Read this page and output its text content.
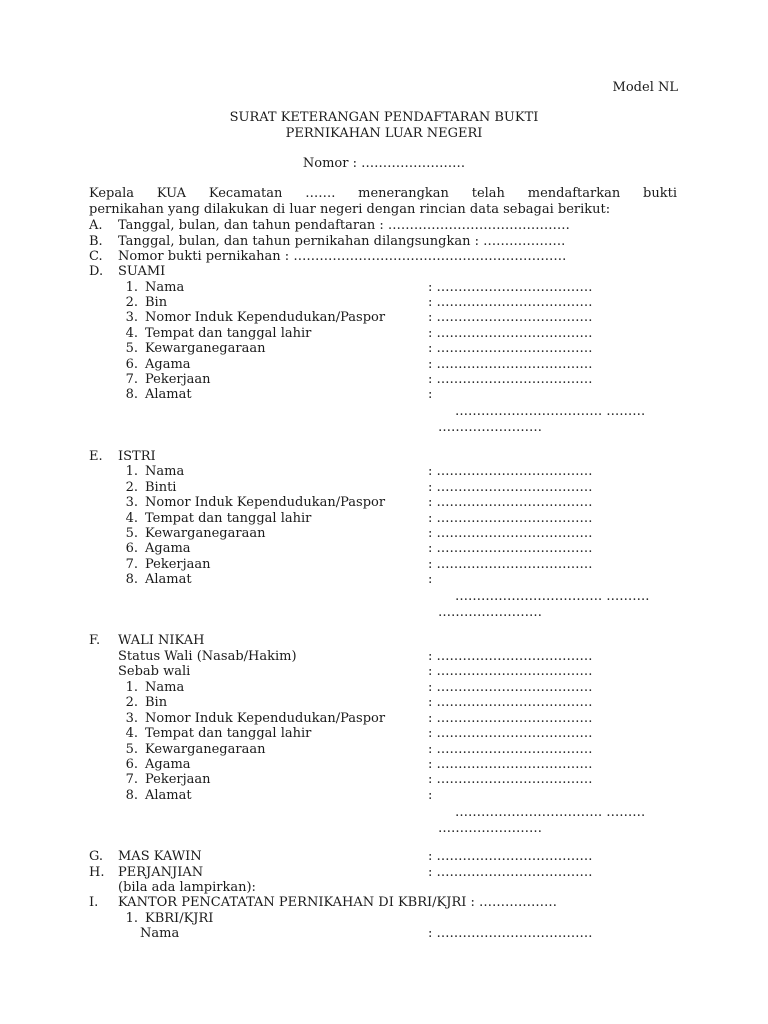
Model NL
SURAT KETERANGAN PENDAFTARAN BUKTI
PERNIKAHAN LUAR NEGERI
Nomor : ……………………
Kepala KUA Kecamatan ……. menerangkan telah mendaftarkan bukti
pernikahan yang dilakukan di luar negeri dengan rincian data sebagai berikut:
A. Tanggal, bulan, dan tahun pendaftaran : ……………………………………
B. Tanggal, bulan, dan tahun pernikahan dilangsungkan : ……………….
C. Nomor bukti pernikahan : ………………………………………………………
D. SUAMI
1. Nama	: ………………………………
2. Bin	: ………………………………
3. Nomor Induk Kependudukan/Paspor	: ………………………………
4. Tempat dan tanggal lahir	: ………………………………
5. Kewarganegaraan	: ………………………………
6. Agama	: ………………………………
7. Pekerjaan	: ………………………………
8. Alamat	:
……………………………. ………
……………………
E. ISTRI
1. Nama	: ………………………………
2. Binti	: ………………………………
3. Nomor Induk Kependudukan/Paspor	: ………………………………
4. Tempat dan tanggal lahir	: ………………………………
5. Kewarganegaraan	: ………………………………
6. Agama	: ………………………………
7. Pekerjaan	: ………………………………
8. Alamat	:
……………………………. ……….
……………………
F. WALI NIKAH
Status Wali (Nasab/Hakim)	: ………………………………
Sebab wali	: ………………………………
1. Nama	: ………………………………
2. Bin	: ………………………………
3. Nomor Induk Kependudukan/Paspor	: ………………………………
4. Tempat dan tanggal lahir	: ………………………………
5. Kewarganegaraan	: ………………………………
6. Agama	: ………………………………
7. Pekerjaan	: ………………………………
8. Alamat	:
……………………………. ………
……………………
G. MAS KAWIN	: ………………………………
H. PERJANJIAN	: ………………………………
(bila ada lampirkan):
I. KANTOR PENCATATAN PERNIKAHAN DI KBRI/KJRI : ………………
1. KBRI/KJRI
Nama	: ………………………………
